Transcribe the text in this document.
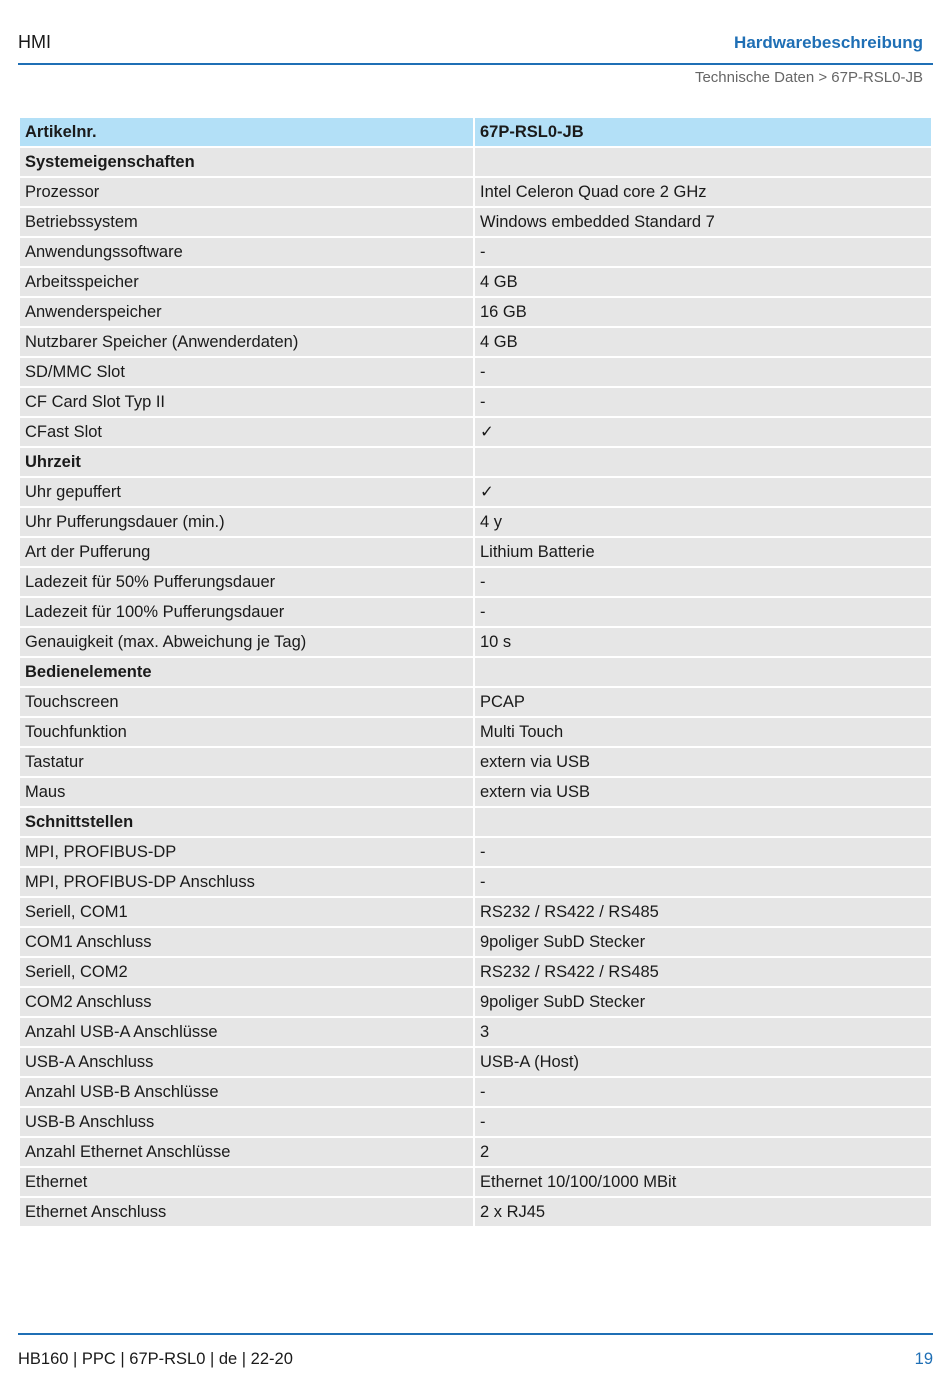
HMI	Hardwarebeschreibung
Technische Daten > 67P-RSL0-JB
Artikelnr.	67P-RSL0-JB
Systemeigenschaften	
Prozessor	Intel Celeron Quad core 2 GHz
Betriebssystem	Windows embedded Standard 7
Anwendungssoftware	-
Arbeitsspeicher	4 GB
Anwenderspeicher	16 GB
Nutzbarer Speicher (Anwenderdaten)	4 GB
SD/MMC Slot	-
CF Card Slot Typ II	-
CFast Slot	✓
Uhrzeit	
Uhr gepuffert	✓
Uhr Pufferungsdauer (min.)	4 y
Art der Pufferung	Lithium Batterie
Ladezeit für 50% Pufferungsdauer	-
Ladezeit für 100% Pufferungsdauer	-
Genauigkeit (max. Abweichung je Tag)	10 s
Bedienelemente	
Touchscreen	PCAP
Touchfunktion	Multi Touch
Tastatur	extern via USB
Maus	extern via USB
Schnittstellen	
MPI, PROFIBUS-DP	-
MPI, PROFIBUS-DP Anschluss	-
Seriell, COM1	RS232 / RS422 / RS485
COM1 Anschluss	9poliger SubD Stecker
Seriell, COM2	RS232 / RS422 / RS485
COM2 Anschluss	9poliger SubD Stecker
Anzahl USB-A Anschlüsse	3
USB-A Anschluss	USB-A (Host)
Anzahl USB-B Anschlüsse	-
USB-B Anschluss	-
Anzahl Ethernet Anschlüsse	2
Ethernet	Ethernet 10/100/1000 MBit
Ethernet Anschluss	2 x RJ45
HB160 | PPC | 67P-RSL0 | de | 22-20	19
